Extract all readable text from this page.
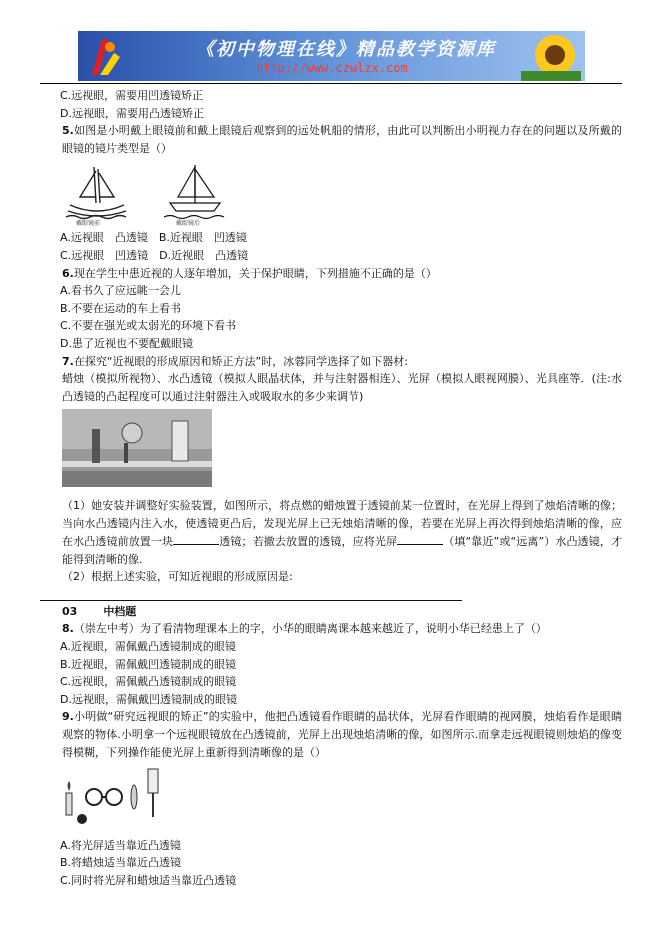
《初中物理在线》精品教学资源库
http://www.czwlzx.com

C.远视眼，需要用凹透镜矫正

D.远视眼，需要用凸透镜矫正

5.如图是小明戴上眼镜前和戴上眼镜后观察到的远处帆船的情形，由此可以判断出小明视力存在的问题以及所戴的眼镜的镜片类型是（）

戴眼镜前	戴眼镜后

A.远视眼　凸透镜　B.近视眼　凹透镜

C.远视眼　凹透镜　D.近视眼　凸透镜

6.现在学生中患近视的人逐年增加，关于保护眼睛，下列措施不正确的是（）

A.看书久了应远眺一会儿

B.不要在运动的车上看书

C.不要在强光或太弱光的环境下看书

D.患了近视也不要配戴眼镜

7.在探究“近视眼的形成原因和矫正方法”时，冰蓉同学选择了如下器材:

蜡烛（模拟所视物）、水凸透镜（模拟人眼晶状体，并与注射器相连）、光屏（模拟人眼视网膜）、光具座等．(注:水凸透镜的凸起程度可以通过注射器注入或吸取水的多少来调节)

（1）她安装并调整好实验装置，如图所示，将点燃的蜡烛置于透镜前某一位置时，在光屏上得到了烛焰清晰的像；当向水凸透镜内注入水，使透镜更凸后，发现光屏上已无烛焰清晰的像，若要在光屏上再次得到烛焰清晰的像，应在水凸透镜前放置一块	透镜；若撤去放置的透镜，应将光屏	（填“靠近”或“远离”）水凸透镜，才能得到清晰的像.

（2）根据上述实验，可知近视眼的形成原因是:

03 中档题

8.（崇左中考）为了看清物理课本上的字，小华的眼睛离课本越来越近了，说明小华已经患上了（）

A.近视眼，需佩戴凸透镜制成的眼镜

B.近视眼，需佩戴凹透镜制成的眼镜

C.远视眼，需佩戴凸透镜制成的眼镜

D.远视眼，需佩戴凹透镜制成的眼镜

9.小明做“研究远视眼的矫正”的实验中，他把凸透镜看作眼睛的晶状体，光屏看作眼睛的视网膜，烛焰看作是眼睛观察的物体.小明拿一个远视眼镜放在凸透镜前，光屏上出现烛焰清晰的像，如图所示.而拿走远视眼镜则烛焰的像变得模糊，下列操作能使光屏上重新得到清晰像的是（）

A.将光屏适当靠近凸透镜

B.将蜡烛适当靠近凸透镜

C.同时将光屏和蜡烛适当靠近凸透镜
